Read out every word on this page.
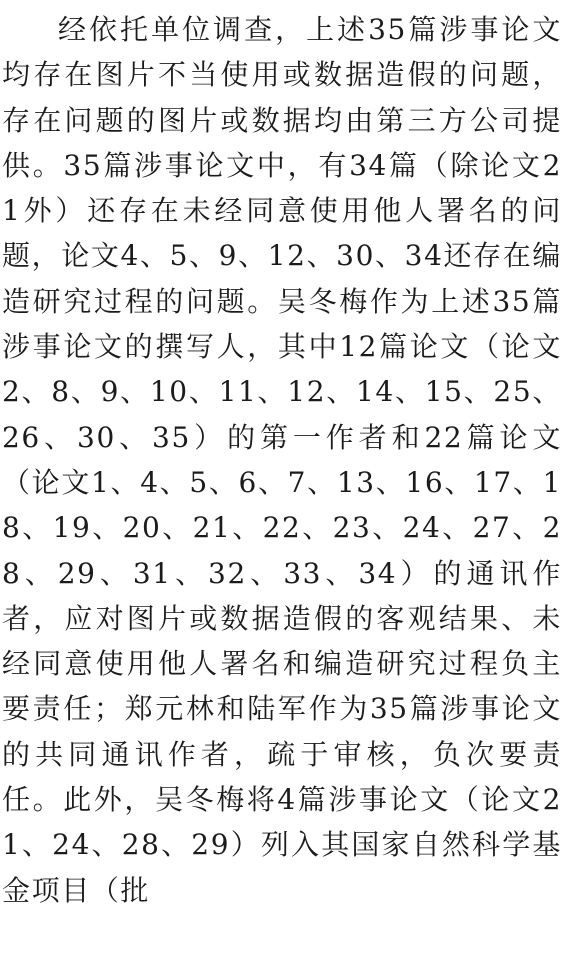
经依托单位调查，上述35篇涉事论文均存在图片不当使用或数据造假的问题，存在问题的图片或数据均由第三方公司提供。35篇涉事论文中，有34篇（除论文21外）还存在未经同意使用他人署名的问题，论文4、5、9、12、30、34还存在编造研究过程的问题。吴冬梅作为上述35篇涉事论文的撰写人，其中12篇论文（论文2、8、9、10、11、12、14、15、25、26、30、35）的第一作者和22篇论文（论文1、4、5、6、7、13、16、17、18、19、20、21、22、23、24、27、28、29、31、32、33、34）的通讯作者，应对图片或数据造假的客观结果、未经同意使用他人署名和编造研究过程负主要责任；郑元林和陆军作为35篇涉事论文的共同通讯作者，疏于审核，负次要责任。此外，吴冬梅将4篇涉事论文（论文21、24、28、29）列入其国家自然科学基金项目（批
